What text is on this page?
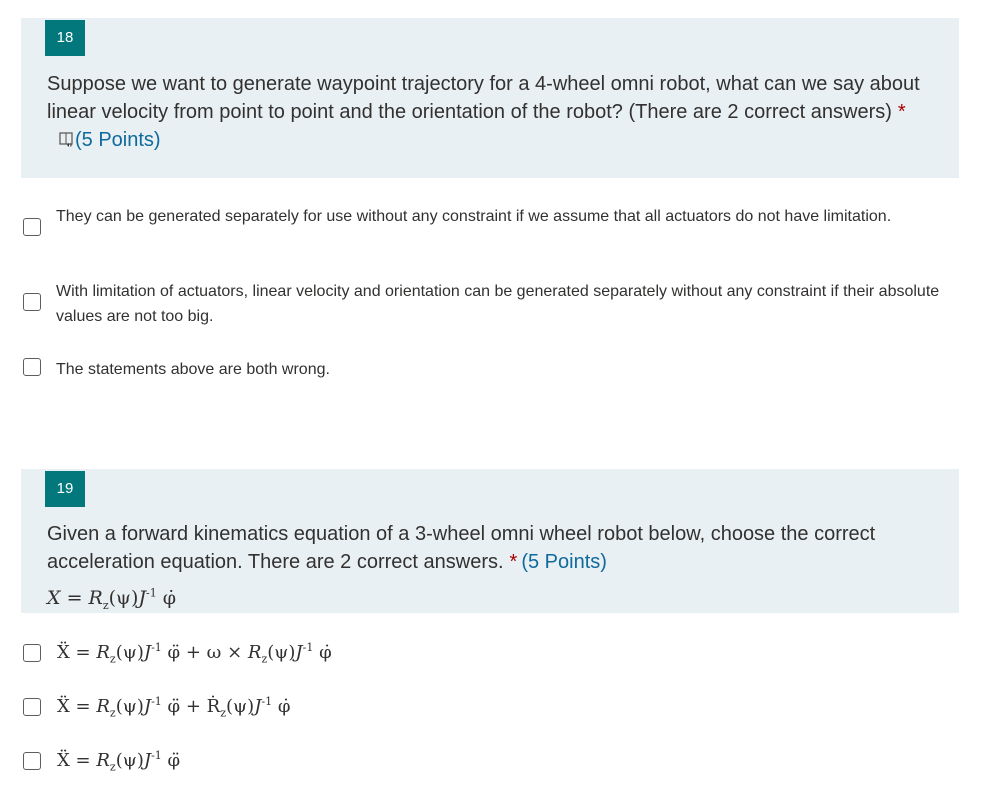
18
Suppose we want to generate waypoint trajectory for a 4-wheel omni robot, what can we say about linear velocity from point to point and the orientation of the robot? (There are 2 correct answers) *(5 Points)
They can be generated separately for use without any constraint if we assume that all actuators do not have limitation.
With limitation of actuators, linear velocity and orientation can be generated separately without any constraint if their absolute values are not too big.
The statements above are both wrong.
19
Given a forward kinematics equation of a 3-wheel omni wheel robot below, choose the correct acceleration equation. There are 2 correct answers. * (5 Points)
$X = R_z(\psi)J^{-1}$ φ̇
Ẍ = $R_z(\psi)J^{-1}$ φ̈ + $\omega \times R_z(\psi)J^{-1}$ φ̇
Ẍ = $R_z(\psi)J^{-1}$ φ̈ + $Ṙ_z(\psi)J^{-1}$ φ̇
Ẍ = $R_z(\psi)J^{-1}$ φ̈
